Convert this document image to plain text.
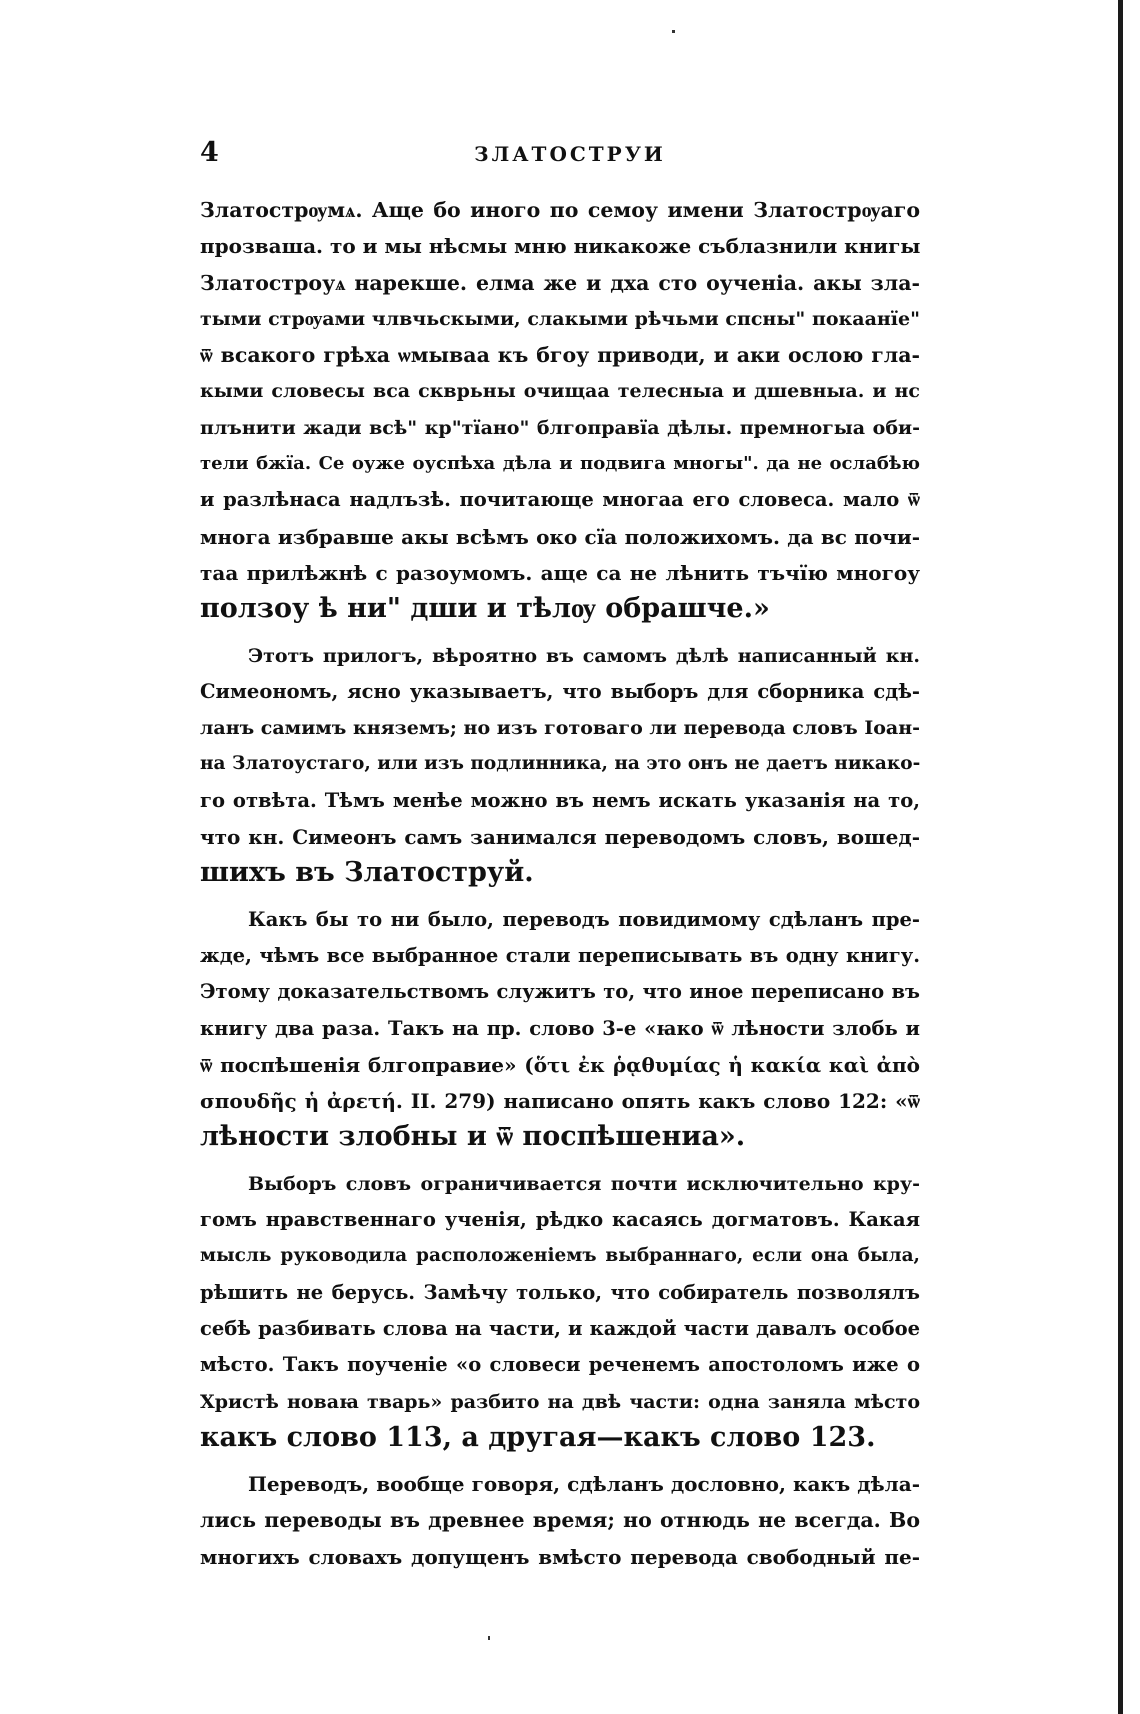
4	ЗЛАТОСТРУИ
Златострѹмѧ. Аще бо иного по семоу имени Златострѹаго
прозваша. то и мы нѣсмы мню никакоже съблазнили книгы
Златостроуѧ нарекше. елма же и дха сто оученіа. акы зла-
тыми стрѹами члвчьскыми, слакыми рѣчьми спсны" покаанїе"
ѿ всакого грѣха ѡмываа къ бгоу приводи, и аки ослою гла-
кыми словесы вса скврьны очищаа телесныа и дшевныа. и нс
плънити жади всѣ" кр"тїано" блгоправїа дѣлы. премногыа оби-
тели бжїа. Се оуже оуспѣха дѣла и подвига многы". да не ослабѣю
и разлѣнаса надлъзѣ. почитающе многаа его словеса. мало ѿ
многа избравше акы всѣмъ око сїа положихомъ. да вс почи-
таа прилѣжнѣ с разоумомъ. аще са не лѣнить тъчїю многоу
ползоу ѣ ни" дши и тѣлѹ обрашче.»
Этотъ прилогъ, вѣроятно въ самомъ дѣлѣ написанный кн.
Симеономъ, ясно указываетъ, что выборъ для сборника сдѣ-
ланъ самимъ княземъ; но изъ готоваго ли перевода словъ Іоан-
на Златоустаго, или изъ подлинника, на это онъ не даетъ никако-
го отвѣта. Тѣмъ менѣе можно въ немъ искать указанія на то,
что кн. Симеонъ самъ занимался переводомъ словъ, вошед-
шихъ въ Златоструй.
Какъ бы то ни было, переводъ повидимому сдѣланъ пре-
жде, чѣмъ все выбранное стали переписывать въ одну книгу.
Этому доказательствомъ служитъ то, что иное переписано въ
книгу два раза. Такъ на пр. слово 3-е «ꙗко ѿ лѣности злобь и
ѿ поспѣшенія блгоправие» (ὅτι ἐκ ῥᾳθυμίας ἡ κακία καὶ ἀπὸ
σπουδῆς ἡ ἀρετή. II. 279) написано опять какъ слово 122: «ѿ
лѣности злобны и ѿ поспѣшениа».
Выборъ словъ ограничивается почти исключительно кру-
гомъ нравственнаго ученія, рѣдко касаясь догматовъ. Какая
мысль руководила расположеніемъ выбраннаго, если она была,
рѣшить не берусь. Замѣчу только, что собиратель позволялъ
себѣ разбивать слова на части, и каждой части давалъ особое
мѣсто. Такъ поученіе «о словеси реченемъ апостоломъ иже о
Христѣ новаꙗ тварь» разбито на двѣ части: одна заняла мѣсто
какъ слово 113, а другая—какъ слово 123.
Переводъ, вообще говоря, сдѣланъ дословно, какъ дѣла-
лись переводы въ древнее время; но отнюдь не всегда. Во
многихъ словахъ допущенъ вмѣсто перевода свободный пе-
